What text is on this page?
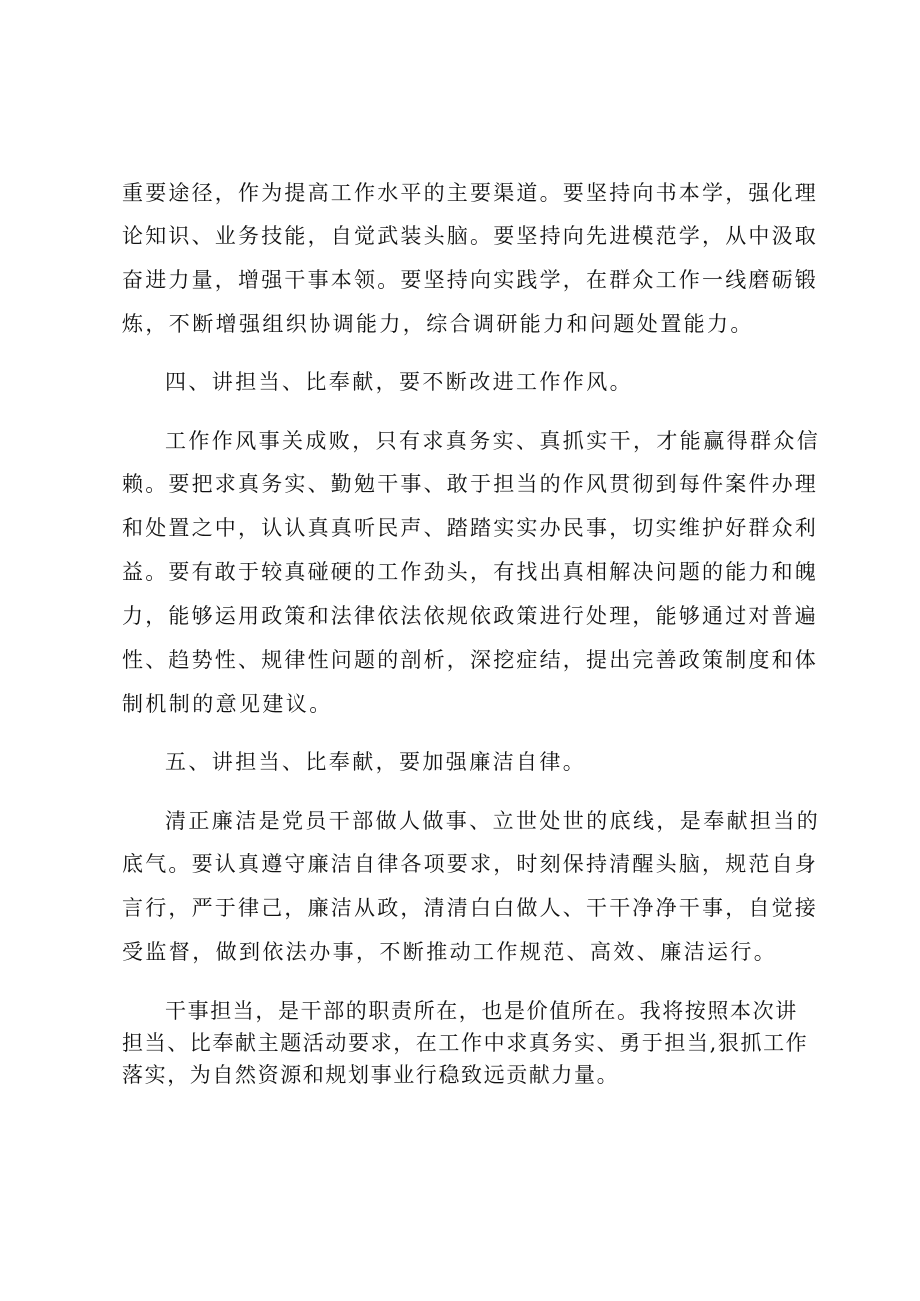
重要途径，作为提高工作水平的主要渠道。要坚持向书本学，强化理

论知识、业务技能，自觉武装头脑。要坚持向先进模范学，从中汲取

奋进力量，增强干事本领。要坚持向实践学，在群众工作一线磨砺锻

炼，不断增强组织协调能力，综合调研能力和问题处置能力。

四、讲担当、比奉献，要不断改进工作作风。

工作作风事关成败，只有求真务实、真抓实干，才能赢得群众信

赖。要把求真务实、勤勉干事、敢于担当的作风贯彻到每件案件办理

和处置之中，认认真真听民声、踏踏实实办民事，切实维护好群众利

益。要有敢于较真碰硬的工作劲头，有找出真相解决问题的能力和魄

力，能够运用政策和法律依法依规依政策进行处理，能够通过对普遍

性、趋势性、规律性问题的剖析，深挖症结，提出完善政策制度和体

制机制的意见建议。

五、讲担当、比奉献，要加强廉洁自律。

清正廉洁是党员干部做人做事、立世处世的底线，是奉献担当的

底气。要认真遵守廉洁自律各项要求，时刻保持清醒头脑，规范自身

言行，严于律己，廉洁从政，清清白白做人、干干净净干事，自觉接

受监督，做到依法办事，不断推动工作规范、高效、廉洁运行。

干事担当，是干部的职责所在，也是价值所在。我将按照本次讲

担当、比奉献主题活动要求，在工作中求真务实、勇于担当,狠抓工作

落实，为自然资源和规划事业行稳致远贡献力量。
